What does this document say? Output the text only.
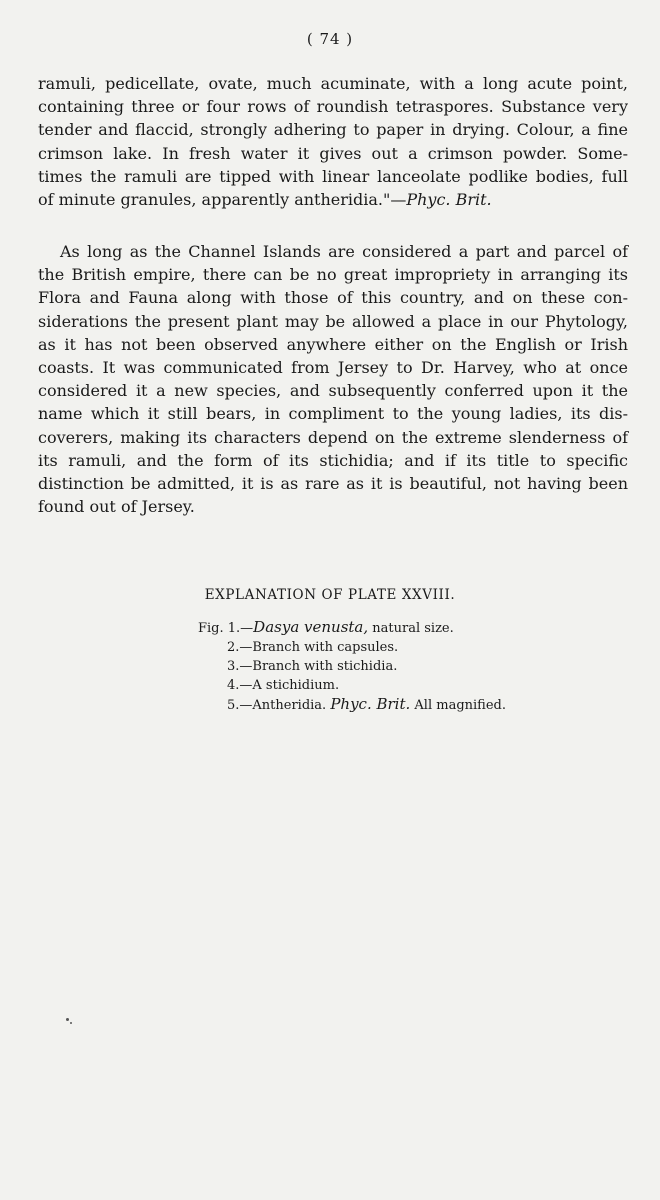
( 74 )
ramuli, pedicellate, ovate, much acuminate, with a long acute point,
containing three or four rows of roundish tetraspores. Substance very
tender and flaccid, strongly adhering to paper in drying. Colour, a fine
crimson lake. In fresh water it gives out a crimson powder. Some-
times the ramuli are tipped with linear lanceolate podlike bodies, full
of minute granules, apparently antheridia."—Phyc. Brit.
As long as the Channel Islands are considered a part and parcel of
the British empire, there can be no great impropriety in arranging its
Flora and Fauna along with those of this country, and on these con-
siderations the present plant may be allowed a place in our Phytology,
as it has not been observed anywhere either on the English or Irish
coasts. It was communicated from Jersey to Dr. Harvey, who at once
considered it a new species, and subsequently conferred upon it the
name which it still bears, in compliment to the young ladies, its dis-
coverers, making its characters depend on the extreme slenderness of
its ramuli, and the form of its stichidia; and if its title to specific
distinction be admitted, it is as rare as it is beautiful, not having been
found out of Jersey.
EXPLANATION OF PLATE XXVIII.
Fig. 1.—Dasya venusta, natural size.
2.—Branch with capsules.
3.—Branch with stichidia.
4.—A stichidium.
5.—Antheridia. Phyc. Brit. All magnified.
